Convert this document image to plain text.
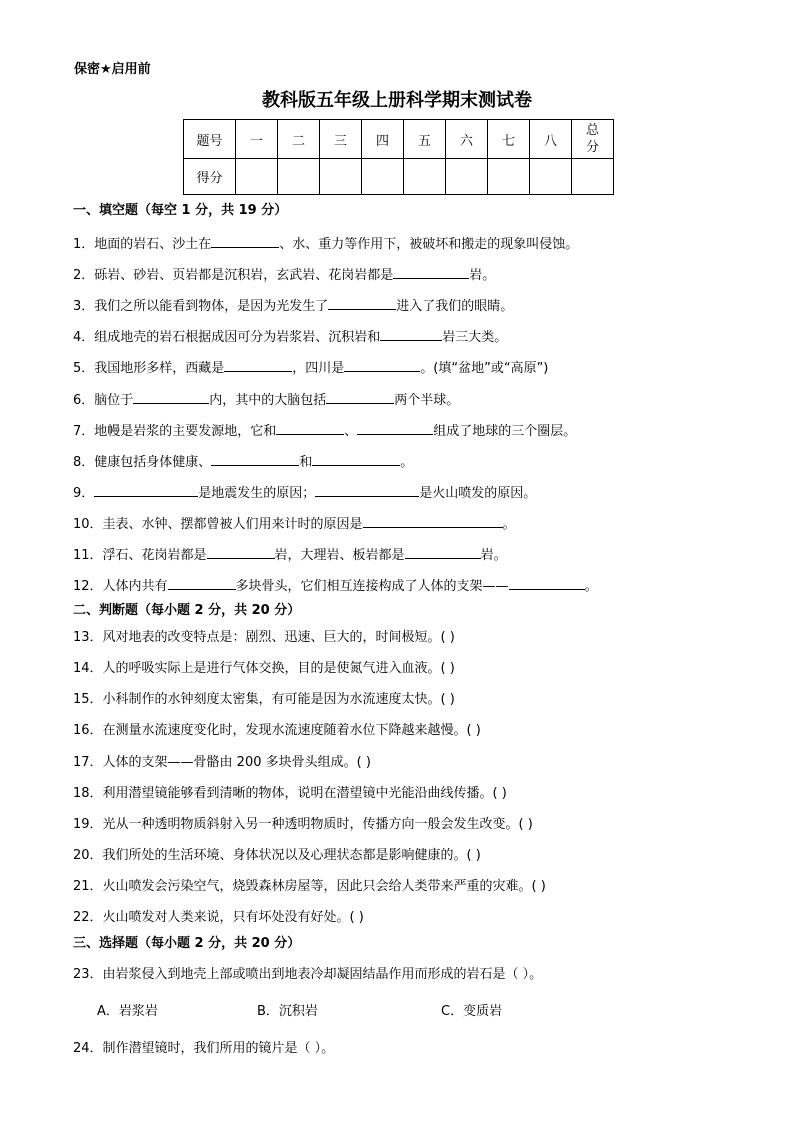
保密★启用前
教科版五年级上册科学期末测试卷
题号	一	二	三	四	五	六	七	八	总
分
得分									
一、填空题（每空 1 分，共 19 分）
1．地面的岩石、沙土在	、水、重力等作用下，被破坏和搬走的现象叫侵蚀。
2．砾岩、砂岩、页岩都是沉积岩，玄武岩、花岗岩都是	岩。
3．我们之所以能看到物体，是因为光发生了	进入了我们的眼睛。
4．组成地壳的岩石根据成因可分为岩浆岩、沉积岩和	岩三大类。
5．我国地形多样，西藏是	，四川是	。(填“盆地”或“高原”)
6．脑位于	内，其中的大脑包括	两个半球。
7．地幔是岩浆的主要发源地，它和	、	组成了地球的三个圈层。
8．健康包括身体健康、	和	。
9．	是地震发生的原因；	是火山喷发的原因。
10．圭表、水钟、摆都曾被人们用来计时的原因是	。
11．浮石、花岗岩都是	岩，大理岩、板岩都是	岩。
12．人体内共有	多块骨头，它们相互连接构成了人体的支架——	。
二、判断题（每小题 2 分，共 20 分）
13．风对地表的改变特点是：剧烈、迅速、巨大的，时间极短。( )
14．人的呼吸实际上是进行气体交换，目的是使氮气进入血液。( )
15．小科制作的水钟刻度太密集，有可能是因为水流速度太快。( )
16．在测量水流速度变化时，发现水流速度随着水位下降越来越慢。( )
17．人体的支架——骨骼由 200 多块骨头组成。( )
18．利用潜望镜能够看到清晰的物体，说明在潜望镜中光能沿曲线传播。( )
19．光从一种透明物质斜射入另一种透明物质时，传播方向一般会发生改变。( )
20．我们所处的生活环境、身体状况以及心理状态都是影响健康的。( )
21．火山喷发会污染空气，烧毁森林房屋等，因此只会给人类带来严重的灾难。( )
22．火山喷发对人类来说，只有坏处没有好处。( )
三、选择题（每小题 2 分，共 20 分）
23．由岩浆侵入到地壳上部或喷出到地表冷却凝固结晶作用而形成的岩石是（ ）。
A．岩浆岩	B．沉积岩	C．变质岩
24．制作潜望镜时，我们所用的镜片是（ ）。
